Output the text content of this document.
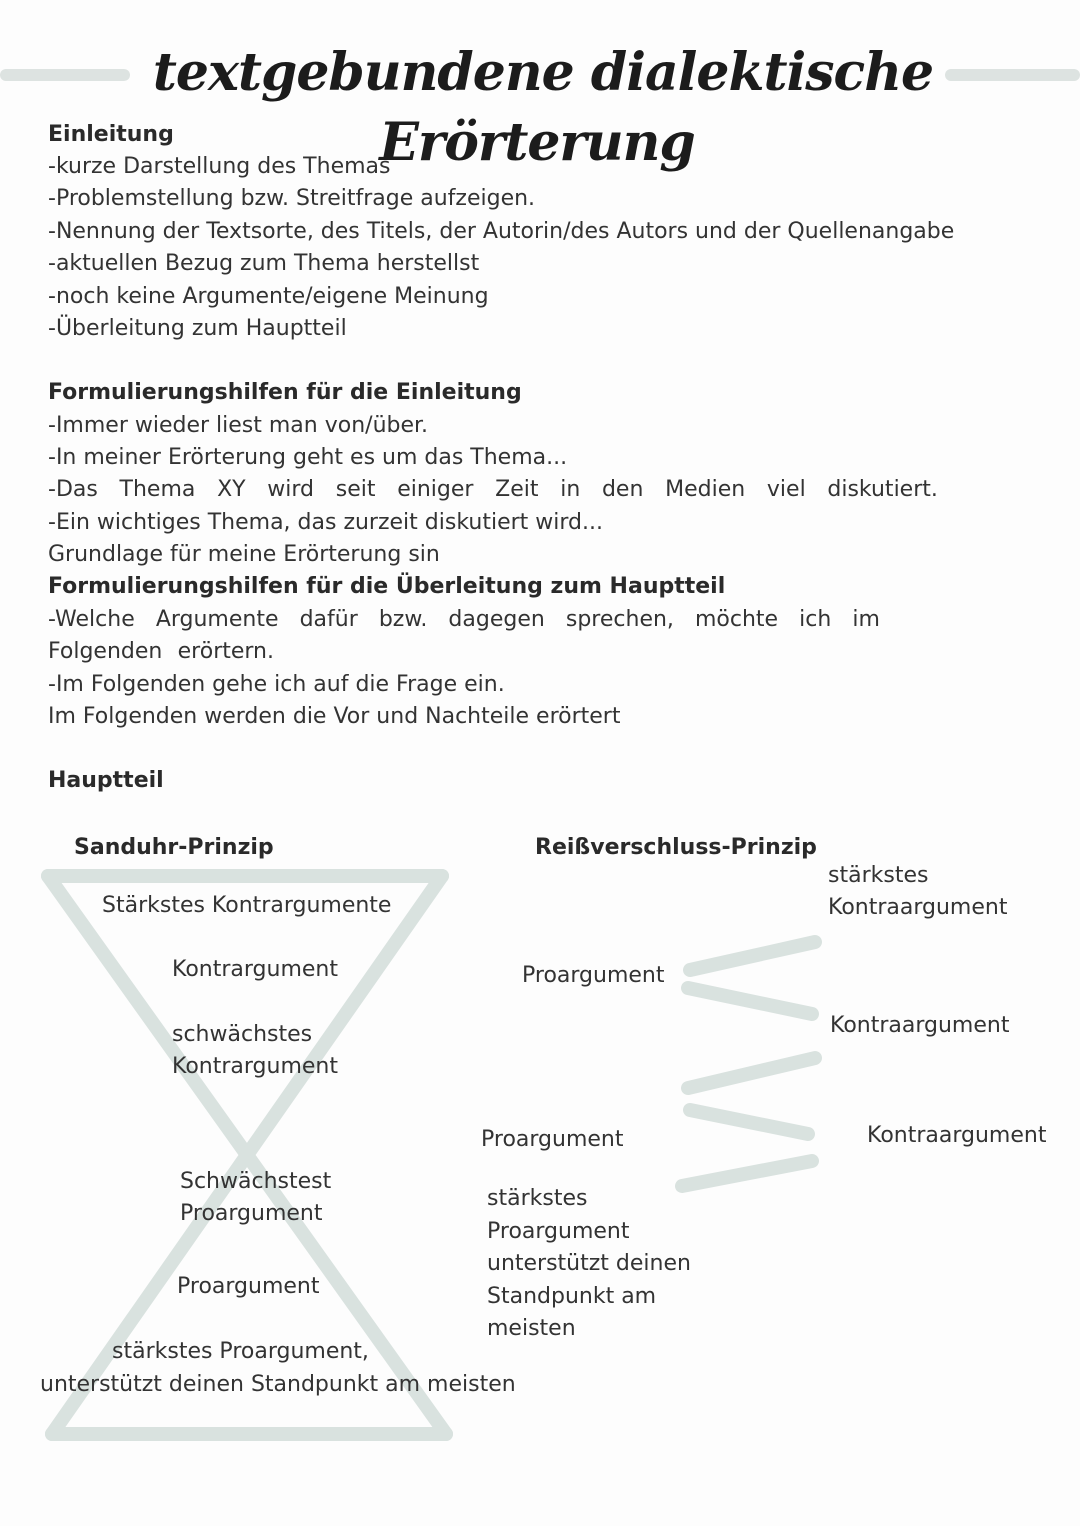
textgebundene dialektische Erörterung
Einleitung
-kurze Darstellung des Themas
-Problemstellung bzw. Streitfrage aufzeigen.
-Nennung der Textsorte, des Titels, der Autorin/des Autors und der Quellenangabe
-aktuellen Bezug zum Thema herstellst
-noch keine Argumente/eigene Meinung
-Überleitung zum Hauptteil
Formulierungshilfen für die Einleitung
-Immer wieder liest man von/über.
-In meiner Erörterung geht es um das Thema...
-Das Thema XY wird seit einiger Zeit in den Medien viel diskutiert.
-Ein wichtiges Thema, das zurzeit diskutiert wird...
Grundlage für meine Erörterung sin
Formulierungshilfen für die Überleitung zum Hauptteil
-Welche Argumente dafür bzw. dagegen sprechen, möchte ich im
Folgenden erörtern.
-Im Folgenden gehe ich auf die Frage ein.
Im Folgenden werden die Vor und Nachteile erörtert
Hauptteil
Sanduhr-Prinzip
Stärkstes Kontrargumente
Kontrargument
schwächstes
Kontrargument
Schwächstest
Proargument
Proargument
stärkstes Proargument,
unterstützt deinen Standpunkt am meisten
Reißverschluss-Prinzip
stärkstes
Kontraargument
Proargument
Kontraargument
Proargument	Kontraargument
stärkstes
Proargument
unterstützt deinen
Standpunkt am
meisten
